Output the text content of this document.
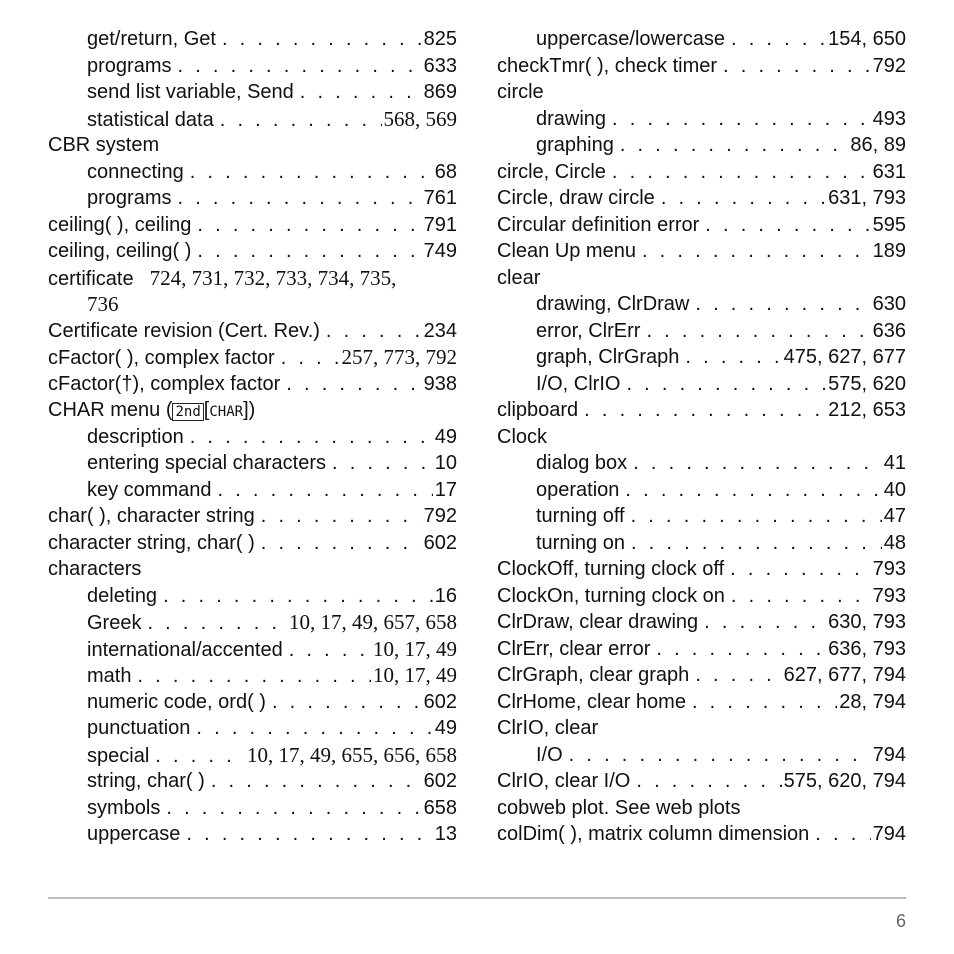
get/return, Get . . .	825
programs . . .	633
send list variable, Send . . .	869
statistical data . . .	568, 569
CBR system
connecting . . .	68
programs . . .	761
ceiling( ), ceiling . . .	791
ceiling, ceiling( ) . . .	749
certificate 724, 731, 732, 733, 734, 735,
736
Certificate revision (Cert. Rev.) . . .	234
cFactor( ), complex factor . . .	257, 773, 792
cFactor(†), complex factor . . .	938
CHAR menu ( 2nd [ CHAR ] )
description . . .	49
entering special characters . . .	10
key command . . .	17
char( ), character string . . .	792
character string, char( ) . . .	602
characters
deleting . . .	16
Greek . . .	10, 17, 49, 657, 658
international/accented . . .	10, 17, 49
math . . .	10, 17, 49
numeric code, ord( ) . . .	602
punctuation . . .	49
special . . .	10, 17, 49, 655, 656, 658
string, char( ) . . .	602
symbols . . .	658
uppercase . . .	13
uppercase/lowercase . . .	154, 650
checkTmr( ), check timer . . .	792
circle
drawing . . .	493
graphing . . .	86, 89
circle, Circle . . .	631
Circle, draw circle . . .	631, 793
Circular definition error . . .	595
Clean Up menu . . .	189
clear
drawing, ClrDraw . . .	630
error, ClrErr . . .	636
graph, ClrGraph . . .	475, 627, 677
I/O, ClrIO . . .	575, 620
clipboard . . .	212, 653
Clock
dialog box . . .	41
operation . . .	40
turning off . . .	47
turning on . . .	48
ClockOff, turning clock off . . .	793
ClockOn, turning clock on . . .	793
ClrDraw, clear drawing . . .	630, 793
ClrErr, clear error . . .	636, 793
ClrGraph, clear graph . . .	627, 677, 794
ClrHome, clear home . . .	28, 794
ClrIO, clear
I/O . . .	794
ClrIO, clear I/O . . .	575, 620, 794
cobweb plot. See web plots
colDim( ), matrix column dimension . . .	794
6
